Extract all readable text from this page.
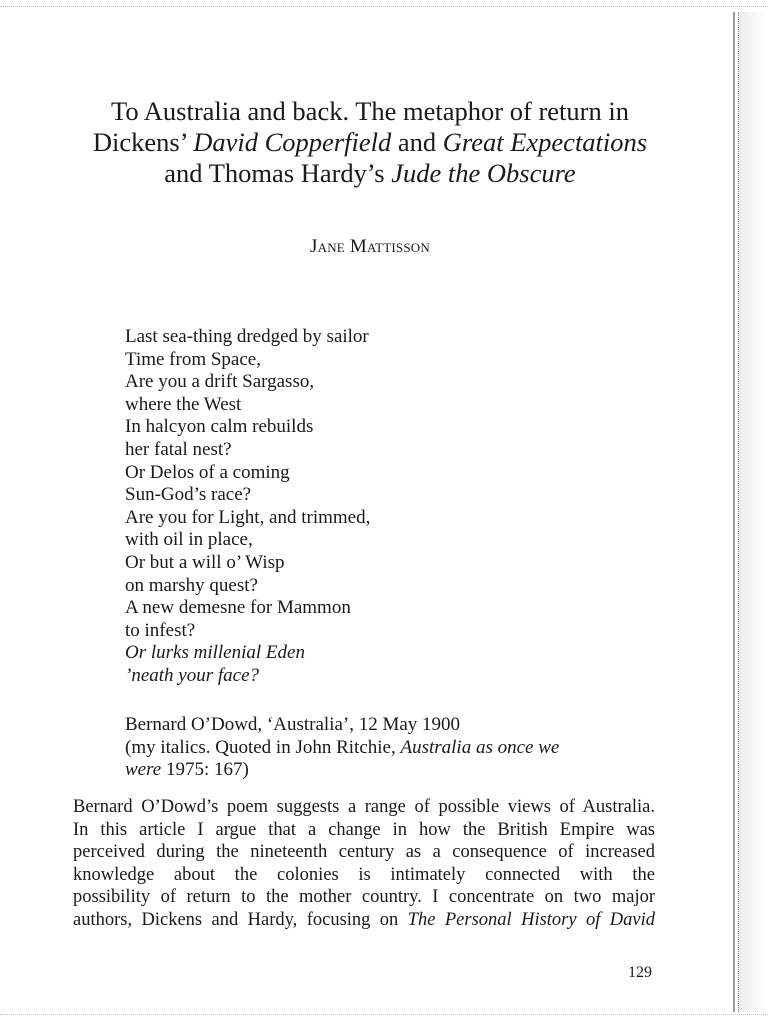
To Australia and back. The metaphor of return in
Dickens’ David Copperfield and Great Expectations
and Thomas Hardy’s Jude the Obscure
Jane Mattisson
Last sea-thing dredged by sailor
Time from Space,
Are you a drift Sargasso,
where the West
In halcyon calm rebuilds
her fatal nest?
Or Delos of a coming
Sun-God’s race?
Are you for Light, and trimmed,
with oil in place,
Or but a will o’ Wisp
on marshy quest?
A new demesne for Mammon
to infest?
Or lurks millenial Eden
’neath your face?
Bernard O’Dowd, ‘Australia’, 12 May 1900
(my italics. Quoted in John Ritchie, Australia as once we
were 1975: 167)
Bernard O’Dowd’s poem suggests a range of possible views of Australia.
In this article I argue that a change in how the British Empire was
perceived during the nineteenth century as a consequence of increased
knowledge about the colonies is intimately connected with the
possibility of return to the mother country. I concentrate on two major
authors, Dickens and Hardy, focusing on The Personal History of David
129
